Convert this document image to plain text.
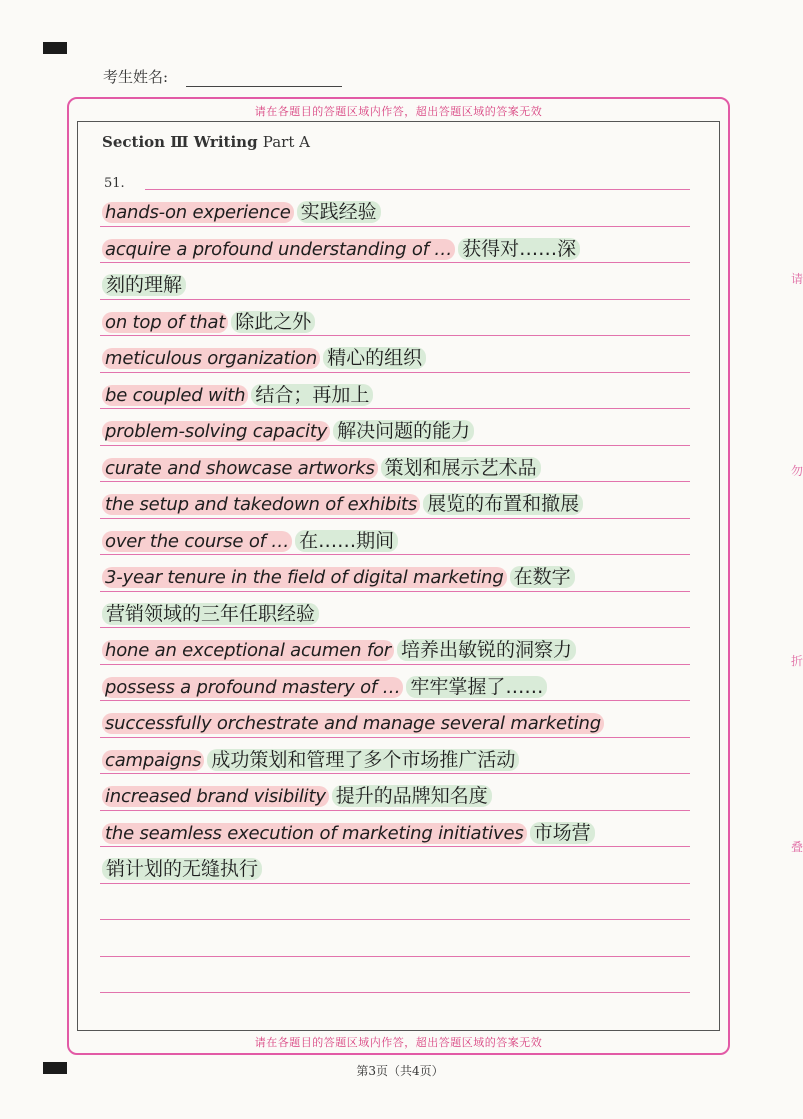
考生姓名:
请在各题目的答题区域内作答，超出答题区域的答案无效
请在各题目的答题区域内作答，超出答题区域的答案无效
Section Ⅲ Writing Part A
51.
hands-on experience 实践经验
acquire a profound understanding of … 获得对……深
刻的理解
on top of that 除此之外
meticulous organization 精心的组织
be coupled with 结合；再加上
problem-solving capacity 解决问题的能力
curate and showcase artworks 策划和展示艺术品
the setup and takedown of exhibits 展览的布置和撤展
over the course of … 在……期间
3-year tenure in the field of digital marketing 在数字
营销领域的三年任职经验
hone an exceptional acumen for 培养出敏锐的洞察力
possess a profound mastery of … 牢牢掌握了……
successfully orchestrate and manage several marketing
campaigns 成功策划和管理了多个市场推广活动
increased brand visibility 提升的品牌知名度
the seamless execution of marketing initiatives 市场营
销计划的无缝执行
请
勿
折
叠
第3页（共4页）
